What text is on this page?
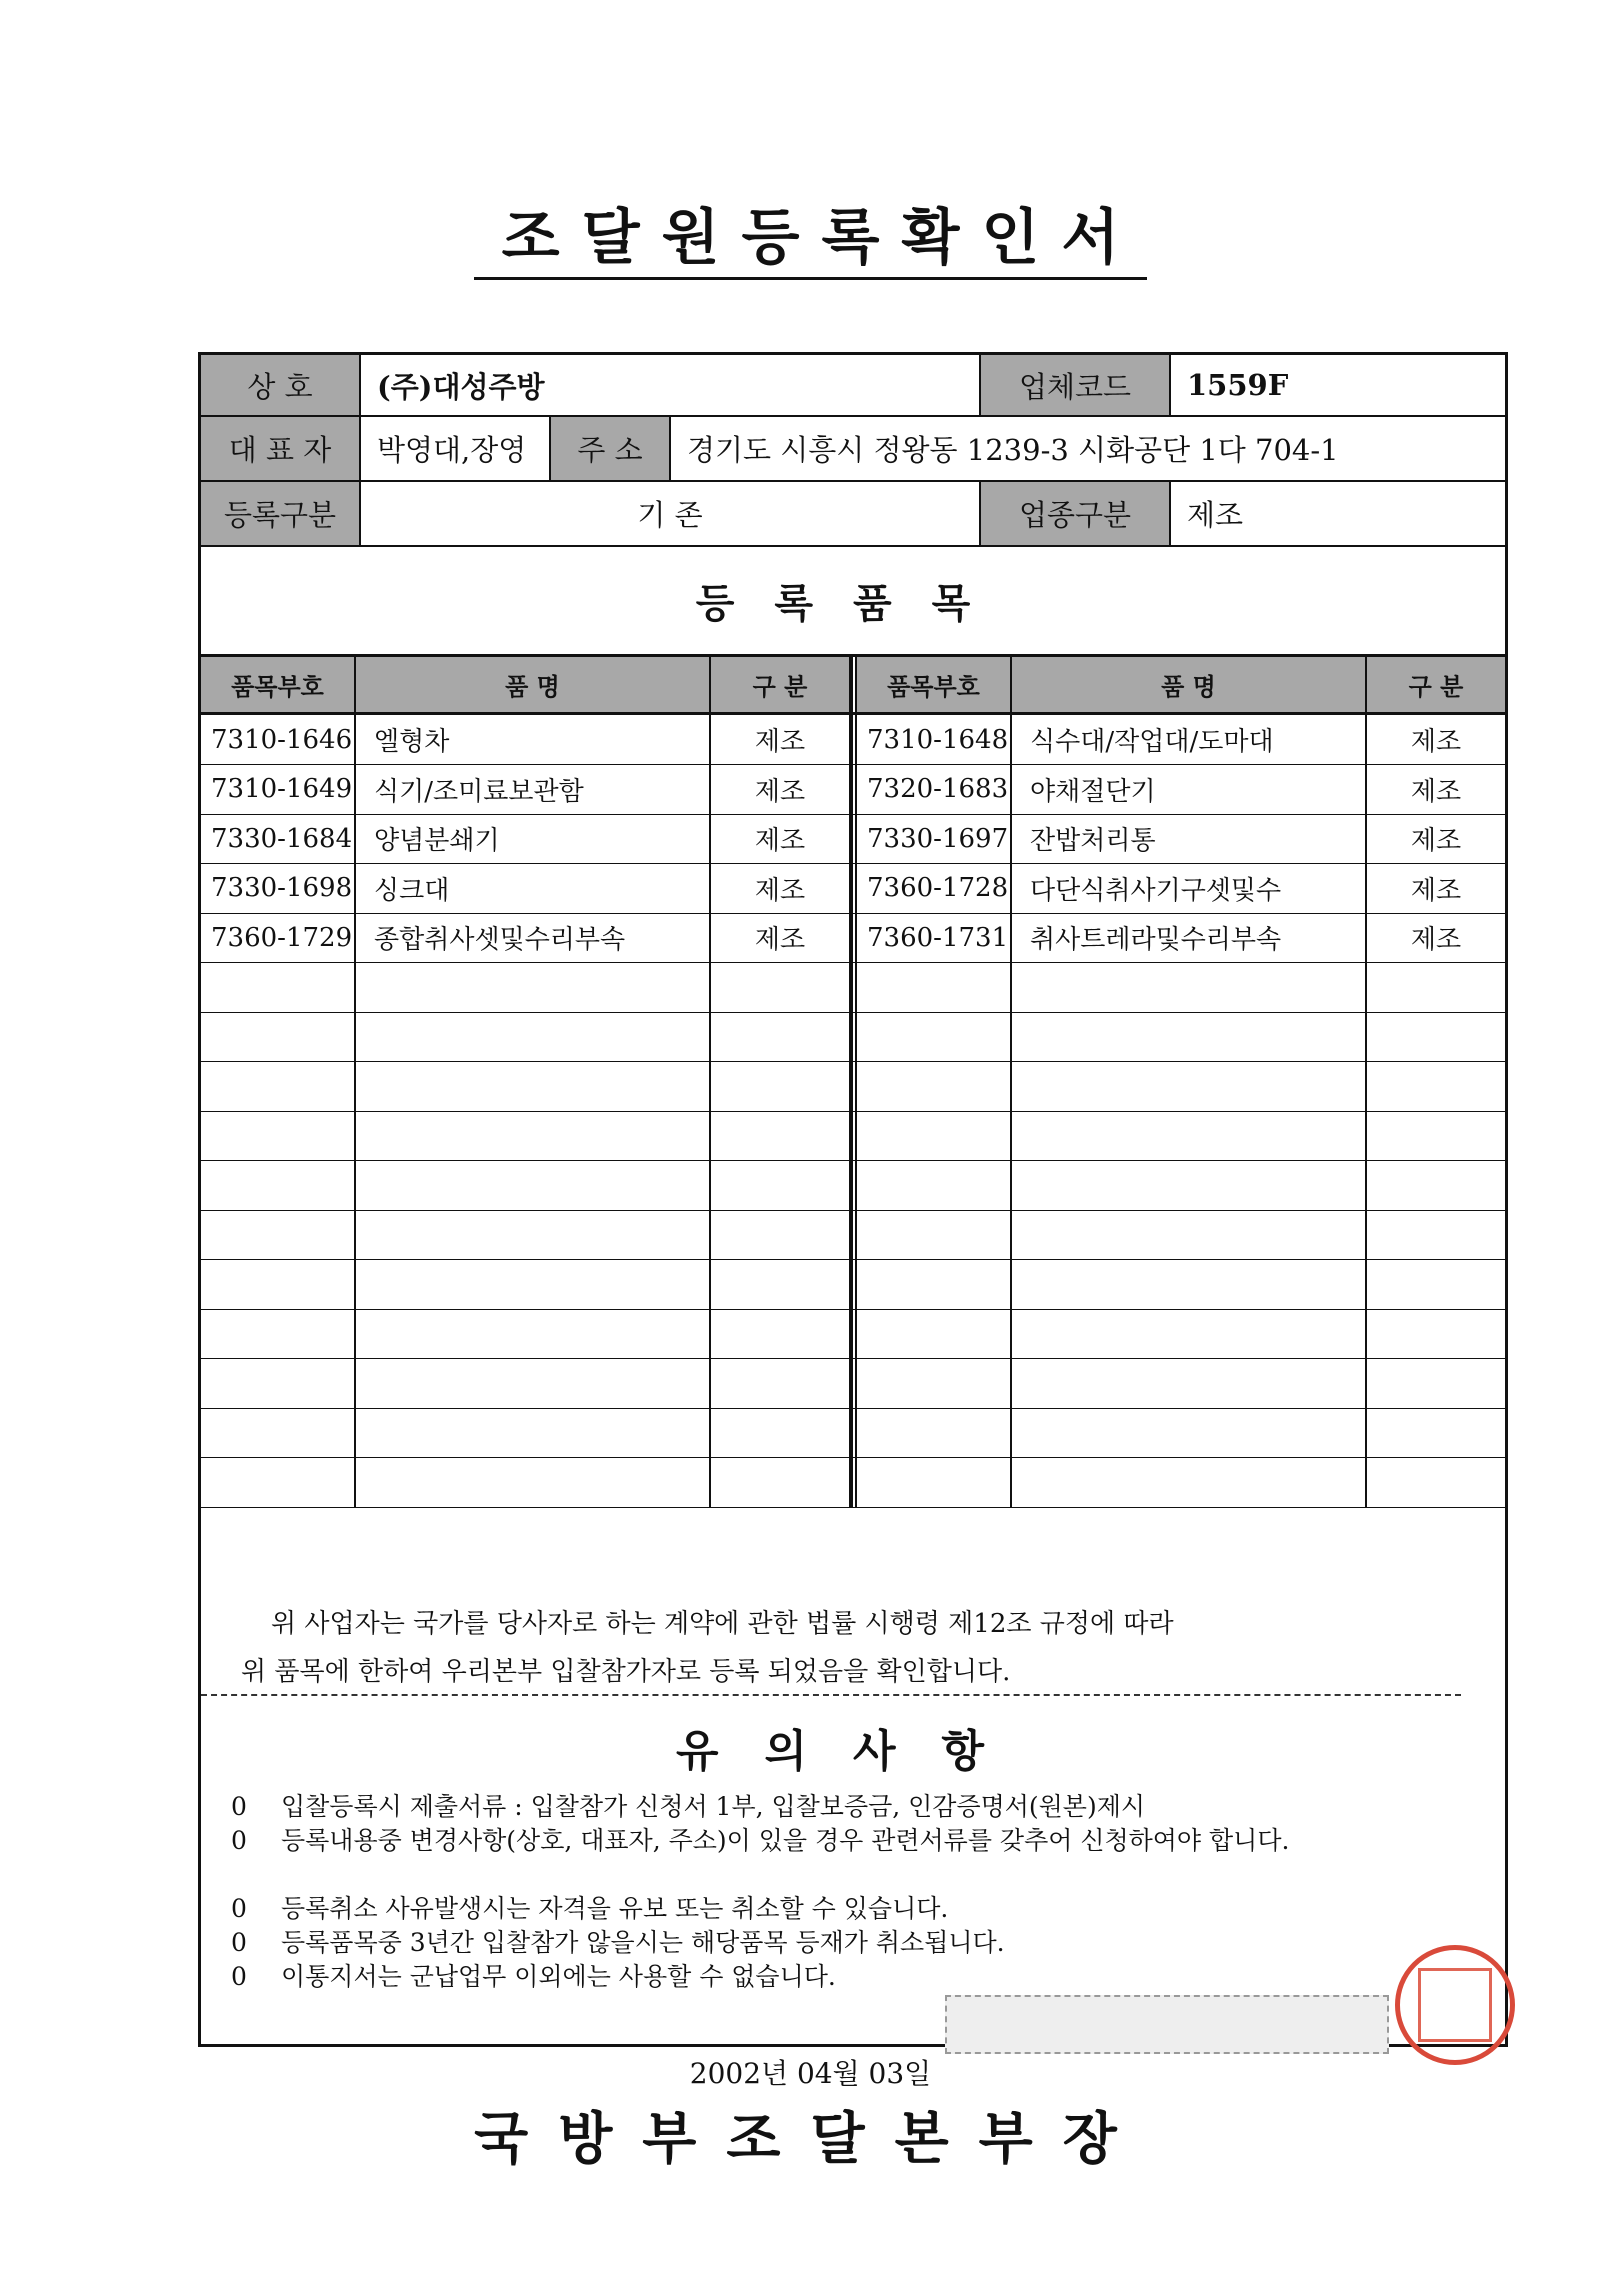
조달원등록확인서
상 호	(주)대성주방	업체코드	1559F
대 표 자	박영대,장영	주 소	경기도 시흥시 정왕동 1239-3 시화공단 1다 704-1
등록구분	기 존	업종구분	제조
등록품목
품목부호	품 명	구 분	품목부호	품 명	구 분
7310-1646 엘형차	제조	7310-1648 식수대/작업대/도마대	제조
7310-1649 식기/조미료보관함	제조	7320-1683 야채절단기	제조
7330-1684 양념분쇄기	제조	7330-1697 잔밥처리통	제조
7330-1698 싱크대	제조	7360-1728 다단식취사기구셋및수	제조
7360-1729 종합취사셋및수리부속	제조	7360-1731 취사트레라및수리부속	제조
위 사업자는 국가를 당사자로 하는 계약에 관한 법률 시행령 제12조 규정에 따라
위 품목에 한하여 우리본부 입찰참가자로 등록 되었음을 확인합니다.
유의사항
0	입찰등록시 제출서류 : 입찰참가 신청서 1부, 입찰보증금, 인감증명서(원본)제시
0	등록내용중 변경사항(상호, 대표자, 주소)이 있을 경우 관련서류를 갖추어 신청하여야 합니다.
0	등록취소 사유발생시는 자격을 유보 또는 취소할 수 있습니다.
0	등록품목중 3년간 입찰참가 않을시는 해당품목 등재가 취소됩니다.
0	이통지서는 군납업무 이외에는 사용할 수 없습니다.
2002년 04월 03일
국방부조달본부장
